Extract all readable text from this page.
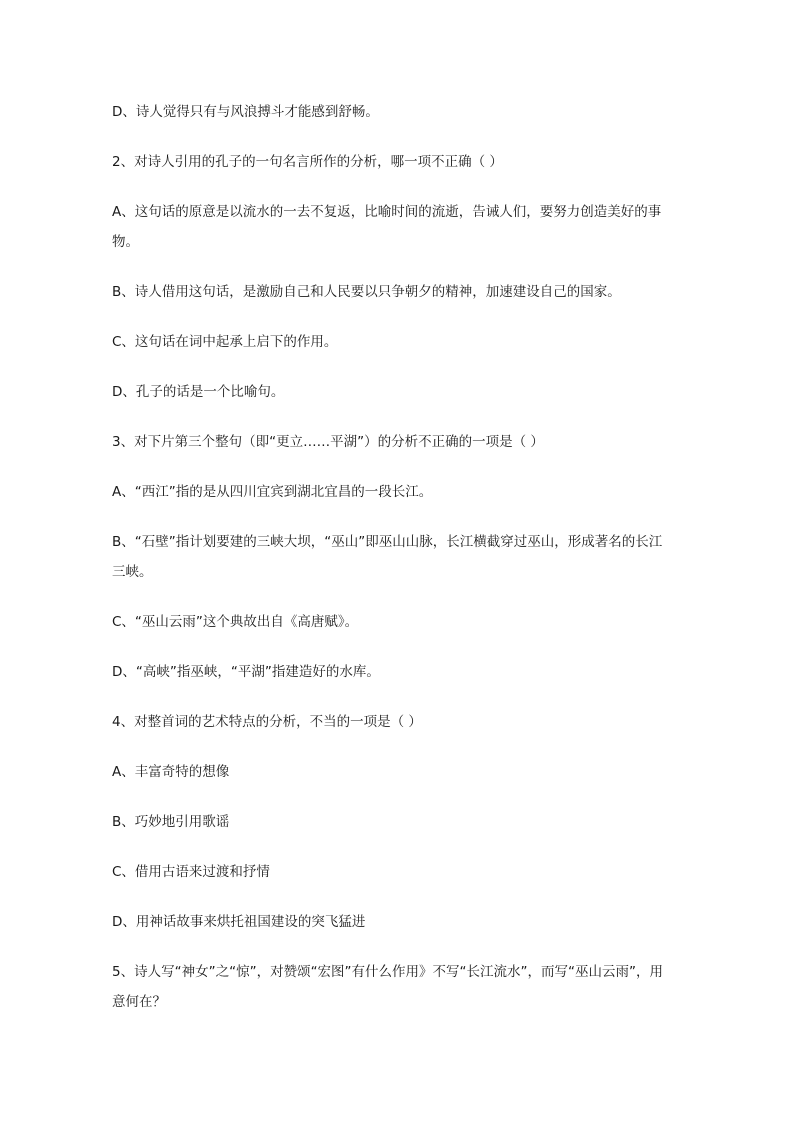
D、诗人觉得只有与风浪搏斗才能感到舒畅。
2、对诗人引用的孔子的一句名言所作的分析，哪一项不正确（ ）
A、这句话的原意是以流水的一去不复返，比喻时间的流逝，告诫人们，要努力创造美好的事
物。
B、诗人借用这句话，是激励自己和人民要以只争朝夕的精神，加速建设自己的国家。
C、这句话在词中起承上启下的作用。
D、孔子的话是一个比喻句。
3、对下片第三个整句（即“更立……平湖”）的分析不正确的一项是（ ）
A、“西江”指的是从四川宜宾到湖北宜昌的一段长江。
B、“石壁”指计划要建的三峡大坝，“巫山”即巫山山脉，长江横截穿过巫山，形成著名的长江
三峡。
C、“巫山云雨”这个典故出自《高唐赋》。
D、“高峡”指巫峡，“平湖”指建造好的水库。
4、对整首词的艺术特点的分析，不当的一项是（ ）
A、丰富奇特的想像
B、巧妙地引用歌谣
C、借用古语来过渡和抒情
D、用神话故事来烘托祖国建设的突飞猛进
5、诗人写“神女”之“惊”，对赞颂“宏图”有什么作用》不写“长江流水”，而写“巫山云雨”，用
意何在？
